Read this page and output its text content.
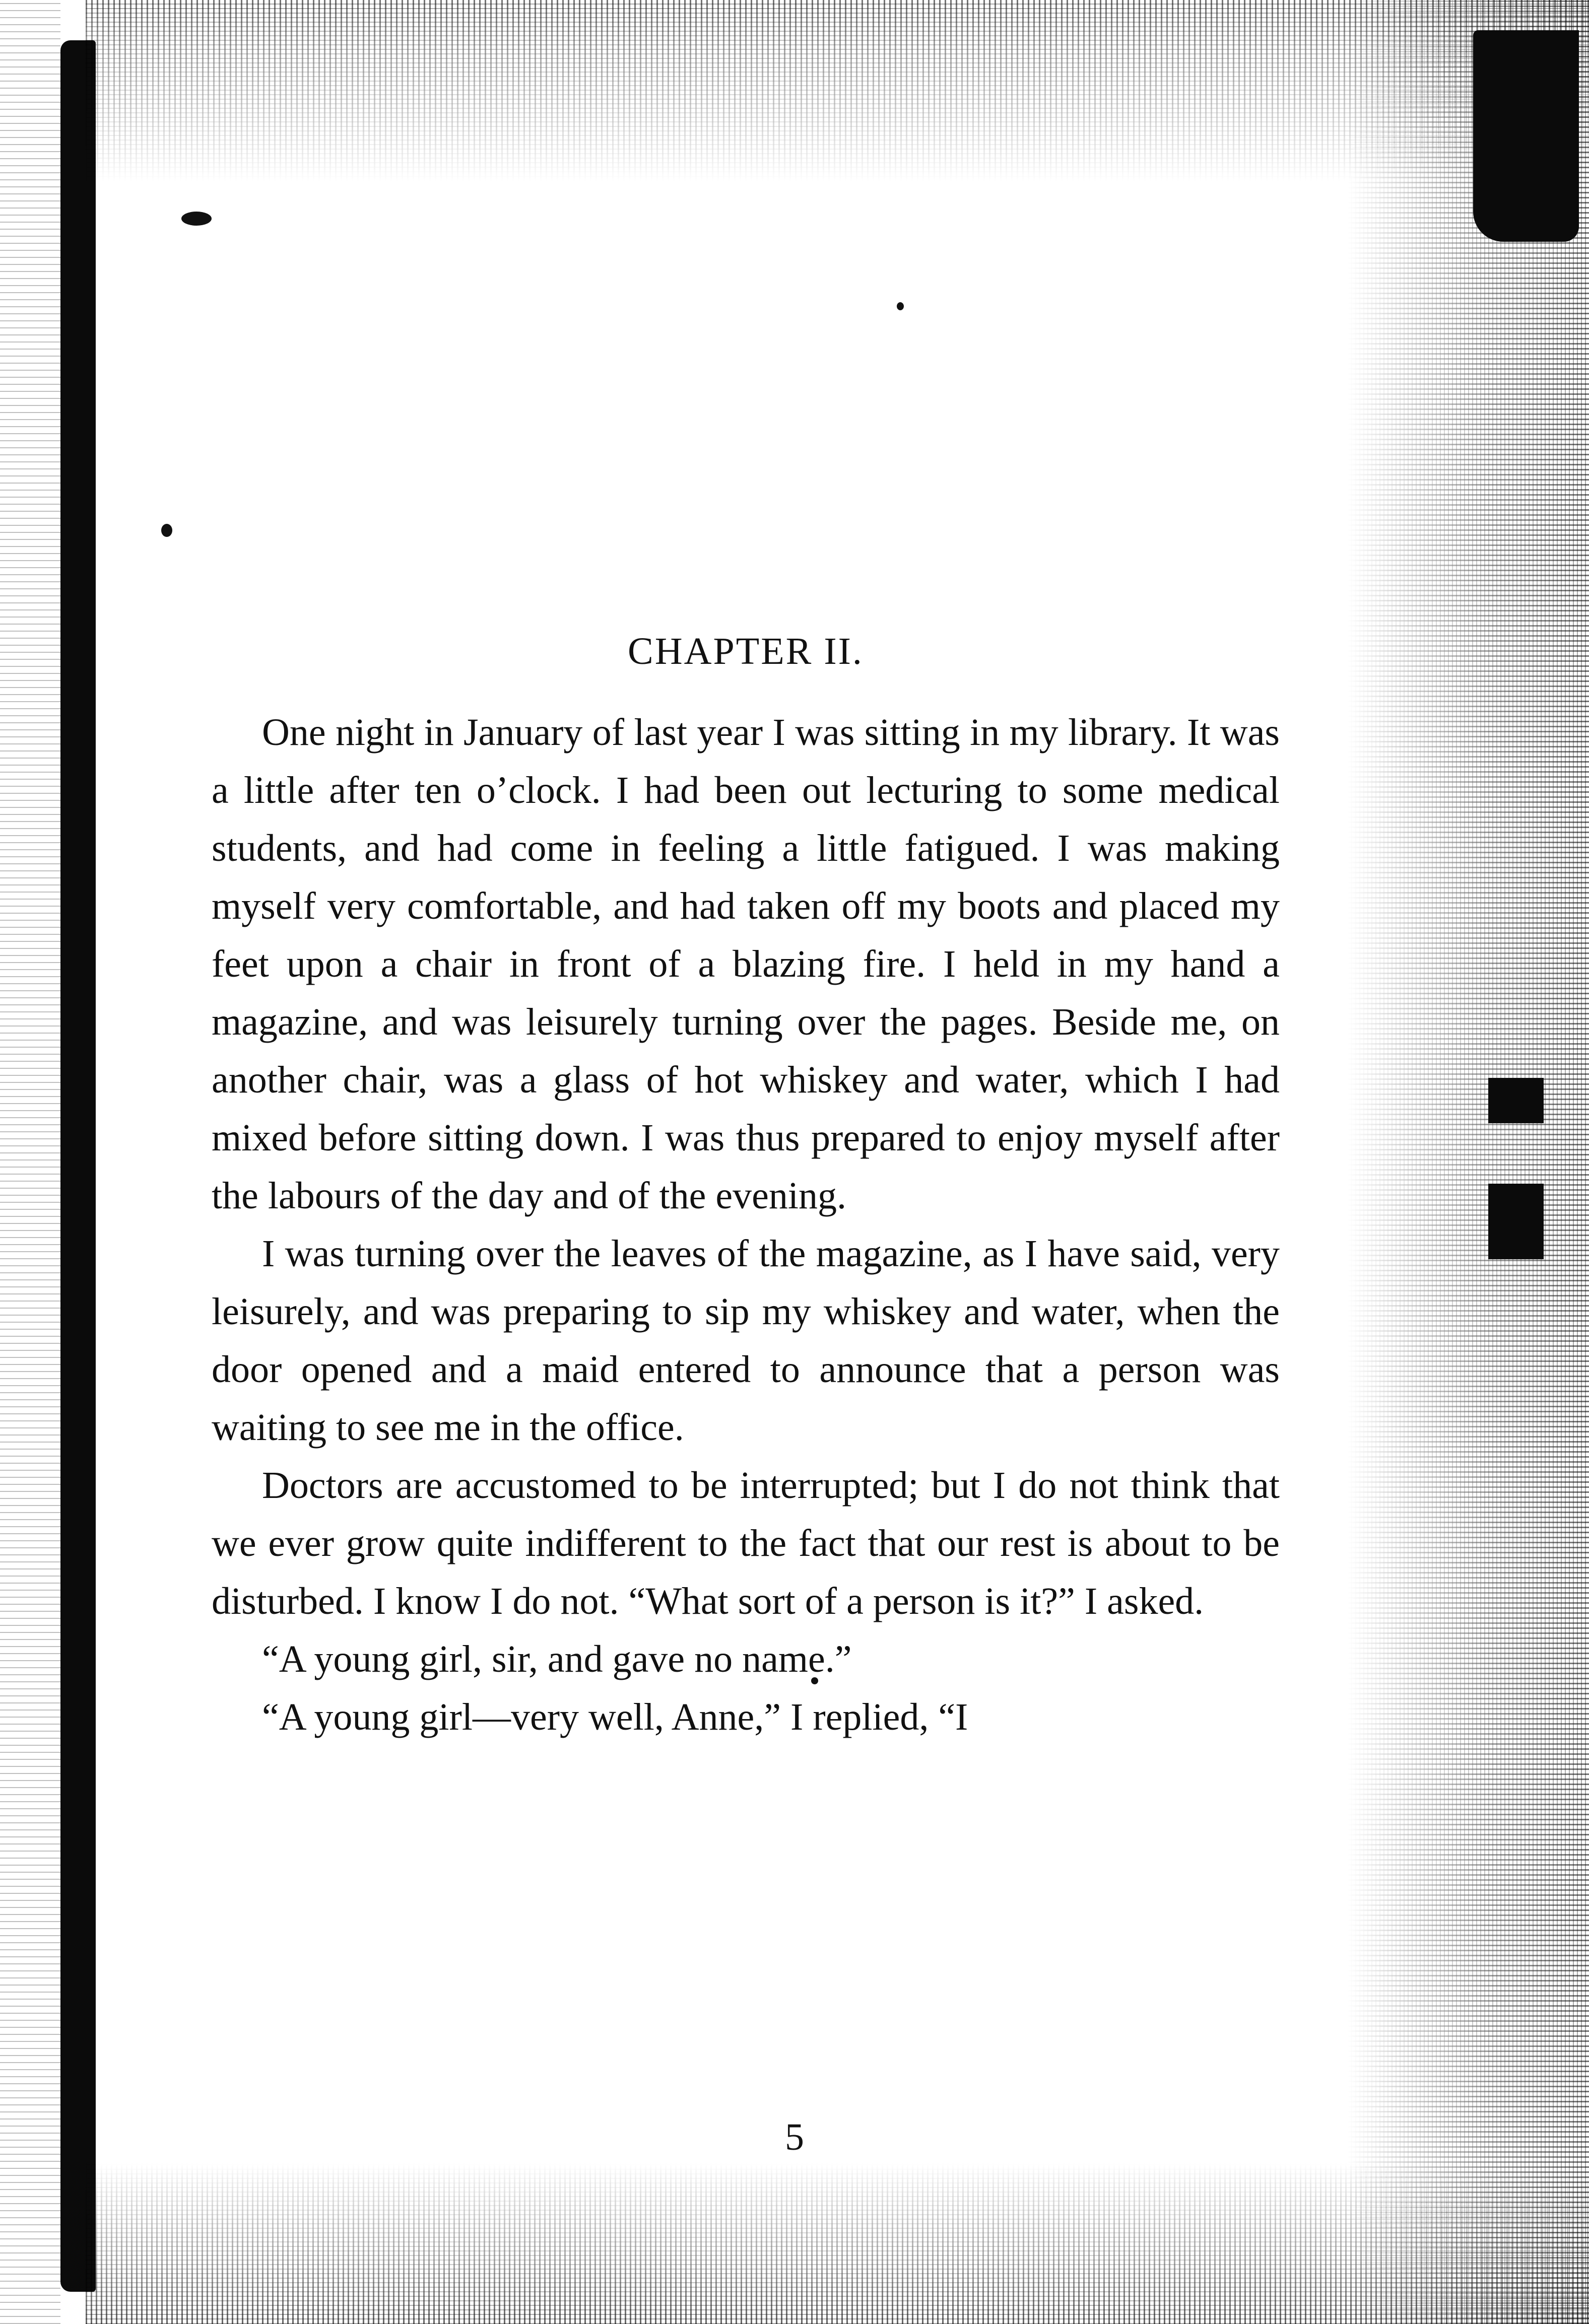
CHAPTER II.

One night in January of last year I was sitting in my library. It was a little after ten o’clock. I had been out lecturing to some medical students, and had come in feeling a little fatigued. I was making myself very comfortable, and had taken off my boots and placed my feet upon a chair in front of a blazing fire. I held in my hand a magazine, and was leisurely turning over the pages. Beside me, on another chair, was a glass of hot whiskey and water, which I had mixed before sitting down. I was thus prepared to enjoy myself after the labours of the day and of the evening.

I was turning over the leaves of the magazine, as I have said, very leisurely, and was preparing to sip my whiskey and water, when the door opened and a maid entered to announce that a person was waiting to see me in the office.

Doctors are accustomed to be interrupted; but I do not think that we ever grow quite indifferent to the fact that our rest is about to be disturbed. I know I do not. “What sort of a person is it?” I asked.

“A young girl, sir, and gave no name.”

“A young girl—very well, Anne,” I replied, “I

5
